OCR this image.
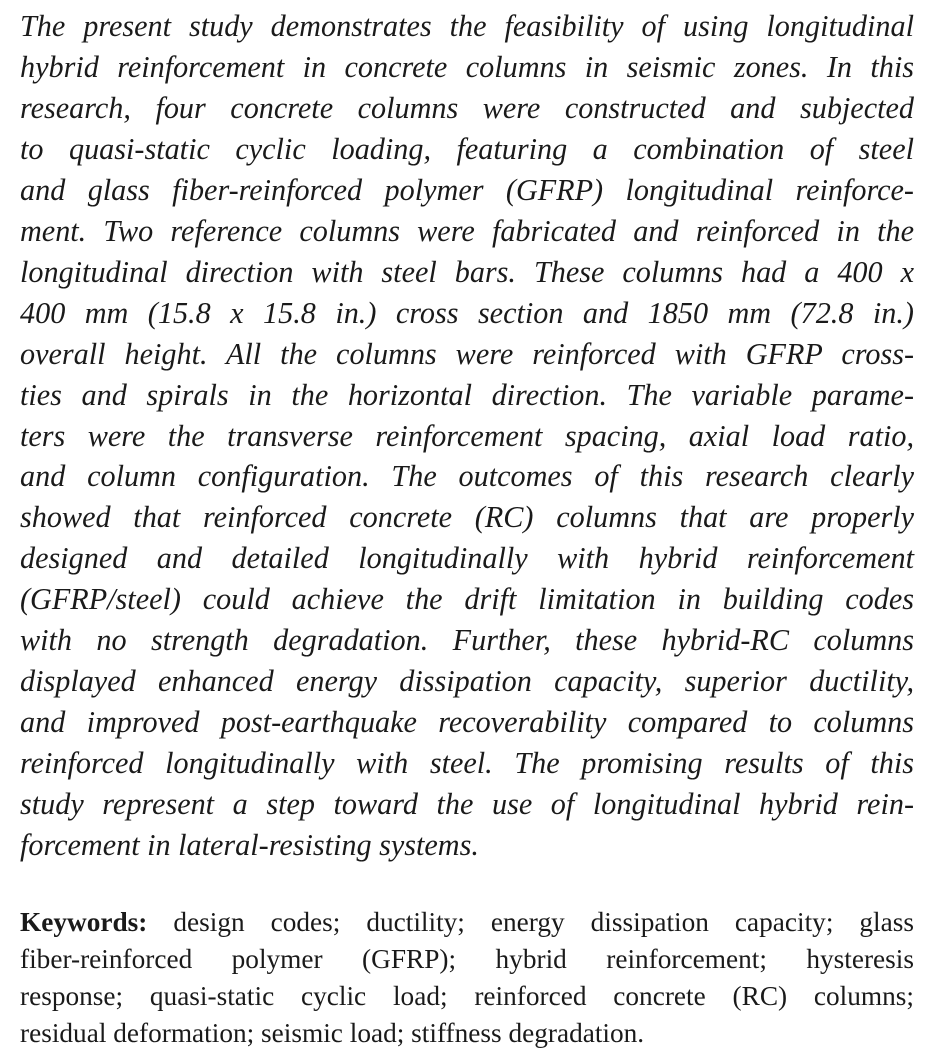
The present study demonstrates the feasibility of using longitudinal
hybrid reinforcement in concrete columns in seismic zones. In this
research, four concrete columns were constructed and subjected
to quasi-static cyclic loading, featuring a combination of steel
and glass fiber-reinforced polymer (GFRP) longitudinal reinforce-
ment. Two reference columns were fabricated and reinforced in the
longitudinal direction with steel bars. These columns had a 400 x
400 mm (15.8 x 15.8 in.) cross section and 1850 mm (72.8 in.)
overall height. All the columns were reinforced with GFRP cross-
ties and spirals in the horizontal direction. The variable parame-
ters were the transverse reinforcement spacing, axial load ratio,
and column configuration. The outcomes of this research clearly
showed that reinforced concrete (RC) columns that are properly
designed and detailed longitudinally with hybrid reinforcement
(GFRP/steel) could achieve the drift limitation in building codes
with no strength degradation. Further, these hybrid-RC columns
displayed enhanced energy dissipation capacity, superior ductility,
and improved post-earthquake recoverability compared to columns
reinforced longitudinally with steel. The promising results of this
study represent a step toward the use of longitudinal hybrid rein-
forcement in lateral-resisting systems.
Keywords: design codes; ductility; energy dissipation capacity; glass
fiber-reinforced polymer (GFRP); hybrid reinforcement; hysteresis
response; quasi-static cyclic load; reinforced concrete (RC) columns;
residual deformation; seismic load; stiffness degradation.
